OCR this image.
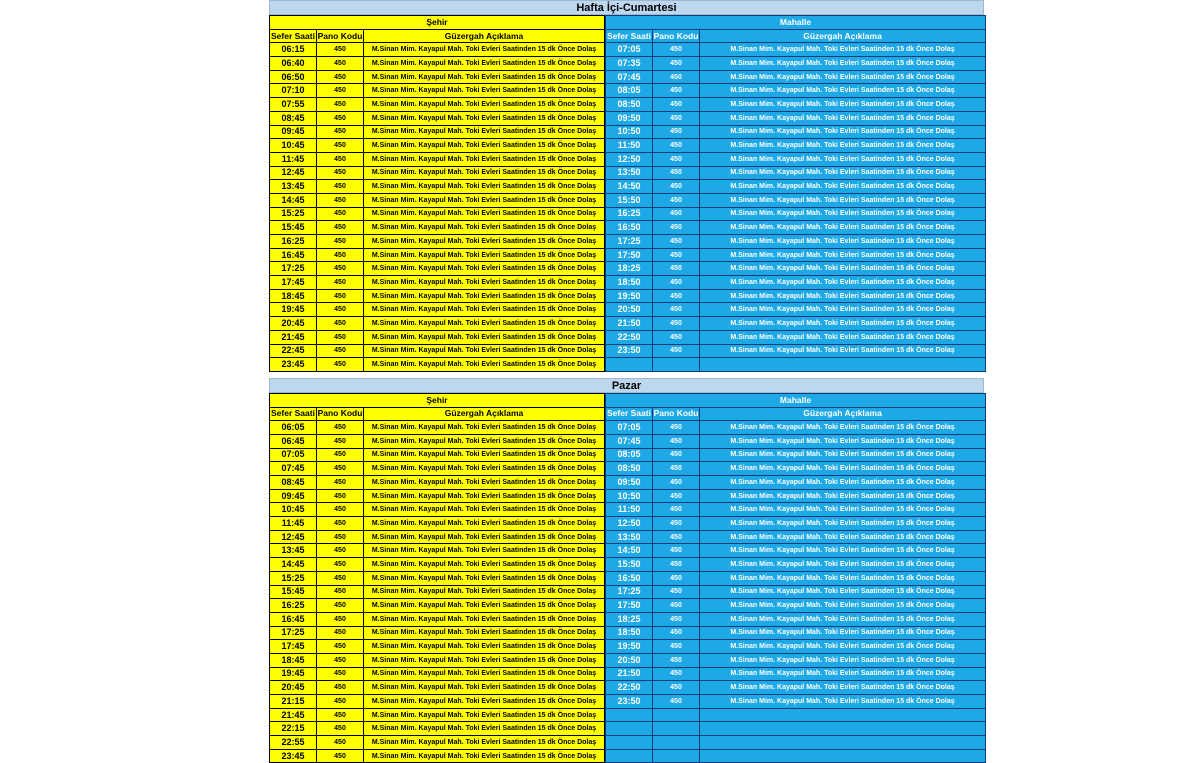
Hafta İçi-Cumartesi
Şehir		
Sefer Saati	Pano Kodu	Güzergah Açıklama
06:15	450	M.Sinan Mim. Kayapul Mah. Toki Evleri Saatinden 15 dk Önce Dolaş
06:40	450	M.Sinan Mim. Kayapul Mah. Toki Evleri Saatinden 15 dk Önce Dolaş
06:50	450	M.Sinan Mim. Kayapul Mah. Toki Evleri Saatinden 15 dk Önce Dolaş
07:10	450	M.Sinan Mim. Kayapul Mah. Toki Evleri Saatinden 15 dk Önce Dolaş
07:55	450	M.Sinan Mim. Kayapul Mah. Toki Evleri Saatinden 15 dk Önce Dolaş
08:45	450	M.Sinan Mim. Kayapul Mah. Toki Evleri Saatinden 15 dk Önce Dolaş
09:45	450	M.Sinan Mim. Kayapul Mah. Toki Evleri Saatinden 15 dk Önce Dolaş
10:45	450	M.Sinan Mim. Kayapul Mah. Toki Evleri Saatinden 15 dk Önce Dolaş
11:45	450	M.Sinan Mim. Kayapul Mah. Toki Evleri Saatinden 15 dk Önce Dolaş
12:45	450	M.Sinan Mim. Kayapul Mah. Toki Evleri Saatinden 15 dk Önce Dolaş
13:45	450	M.Sinan Mim. Kayapul Mah. Toki Evleri Saatinden 15 dk Önce Dolaş
14:45	450	M.Sinan Mim. Kayapul Mah. Toki Evleri Saatinden 15 dk Önce Dolaş
15:25	450	M.Sinan Mim. Kayapul Mah. Toki Evleri Saatinden 15 dk Önce Dolaş
15:45	450	M.Sinan Mim. Kayapul Mah. Toki Evleri Saatinden 15 dk Önce Dolaş
16:25	450	M.Sinan Mim. Kayapul Mah. Toki Evleri Saatinden 15 dk Önce Dolaş
16:45	450	M.Sinan Mim. Kayapul Mah. Toki Evleri Saatinden 15 dk Önce Dolaş
17:25	450	M.Sinan Mim. Kayapul Mah. Toki Evleri Saatinden 15 dk Önce Dolaş
17:45	450	M.Sinan Mim. Kayapul Mah. Toki Evleri Saatinden 15 dk Önce Dolaş
18:45	450	M.Sinan Mim. Kayapul Mah. Toki Evleri Saatinden 15 dk Önce Dolaş
19:45	450	M.Sinan Mim. Kayapul Mah. Toki Evleri Saatinden 15 dk Önce Dolaş
20:45	450	M.Sinan Mim. Kayapul Mah. Toki Evleri Saatinden 15 dk Önce Dolaş
21:45	450	M.Sinan Mim. Kayapul Mah. Toki Evleri Saatinden 15 dk Önce Dolaş
22:45	450	M.Sinan Mim. Kayapul Mah. Toki Evleri Saatinden 15 dk Önce Dolaş
23:45	450	M.Sinan Mim. Kayapul Mah. Toki Evleri Saatinden 15 dk Önce Dolaş
Mahalle		
Sefer Saati	Pano Kodu	Güzergah Açıklama
07:05	450	M.Sinan Mim. Kayapul Mah. Toki Evleri Saatinden 15 dk Önce Dolaş
07:35	450	M.Sinan Mim. Kayapul Mah. Toki Evleri Saatinden 15 dk Önce Dolaş
07:45	450	M.Sinan Mim. Kayapul Mah. Toki Evleri Saatinden 15 dk Önce Dolaş
08:05	450	M.Sinan Mim. Kayapul Mah. Toki Evleri Saatinden 15 dk Önce Dolaş
08:50	450	M.Sinan Mim. Kayapul Mah. Toki Evleri Saatinden 15 dk Önce Dolaş
09:50	450	M.Sinan Mim. Kayapul Mah. Toki Evleri Saatinden 15 dk Önce Dolaş
10:50	450	M.Sinan Mim. Kayapul Mah. Toki Evleri Saatinden 15 dk Önce Dolaş
11:50	450	M.Sinan Mim. Kayapul Mah. Toki Evleri Saatinden 15 dk Önce Dolaş
12:50	450	M.Sinan Mim. Kayapul Mah. Toki Evleri Saatinden 15 dk Önce Dolaş
13:50	450	M.Sinan Mim. Kayapul Mah. Toki Evleri Saatinden 15 dk Önce Dolaş
14:50	450	M.Sinan Mim. Kayapul Mah. Toki Evleri Saatinden 15 dk Önce Dolaş
15:50	450	M.Sinan Mim. Kayapul Mah. Toki Evleri Saatinden 15 dk Önce Dolaş
16:25	450	M.Sinan Mim. Kayapul Mah. Toki Evleri Saatinden 15 dk Önce Dolaş
16:50	450	M.Sinan Mim. Kayapul Mah. Toki Evleri Saatinden 15 dk Önce Dolaş
17:25	450	M.Sinan Mim. Kayapul Mah. Toki Evleri Saatinden 15 dk Önce Dolaş
17:50	450	M.Sinan Mim. Kayapul Mah. Toki Evleri Saatinden 15 dk Önce Dolaş
18:25	450	M.Sinan Mim. Kayapul Mah. Toki Evleri Saatinden 15 dk Önce Dolaş
18:50	450	M.Sinan Mim. Kayapul Mah. Toki Evleri Saatinden 15 dk Önce Dolaş
19:50	450	M.Sinan Mim. Kayapul Mah. Toki Evleri Saatinden 15 dk Önce Dolaş
20:50	450	M.Sinan Mim. Kayapul Mah. Toki Evleri Saatinden 15 dk Önce Dolaş
21:50	450	M.Sinan Mim. Kayapul Mah. Toki Evleri Saatinden 15 dk Önce Dolaş
22:50	450	M.Sinan Mim. Kayapul Mah. Toki Evleri Saatinden 15 dk Önce Dolaş
23:50	450	M.Sinan Mim. Kayapul Mah. Toki Evleri Saatinden 15 dk Önce Dolaş

Pazar
Şehir		
Sefer Saati	Pano Kodu	Güzergah Açıklama
06:05	450	M.Sinan Mim. Kayapul Mah. Toki Evleri Saatinden 15 dk Önce Dolaş
06:45	450	M.Sinan Mim. Kayapul Mah. Toki Evleri Saatinden 15 dk Önce Dolaş
07:05	450	M.Sinan Mim. Kayapul Mah. Toki Evleri Saatinden 15 dk Önce Dolaş
07:45	450	M.Sinan Mim. Kayapul Mah. Toki Evleri Saatinden 15 dk Önce Dolaş
08:45	450	M.Sinan Mim. Kayapul Mah. Toki Evleri Saatinden 15 dk Önce Dolaş
09:45	450	M.Sinan Mim. Kayapul Mah. Toki Evleri Saatinden 15 dk Önce Dolaş
10:45	450	M.Sinan Mim. Kayapul Mah. Toki Evleri Saatinden 15 dk Önce Dolaş
11:45	450	M.Sinan Mim. Kayapul Mah. Toki Evleri Saatinden 15 dk Önce Dolaş
12:45	450	M.Sinan Mim. Kayapul Mah. Toki Evleri Saatinden 15 dk Önce Dolaş
13:45	450	M.Sinan Mim. Kayapul Mah. Toki Evleri Saatinden 15 dk Önce Dolaş
14:45	450	M.Sinan Mim. Kayapul Mah. Toki Evleri Saatinden 15 dk Önce Dolaş
15:25	450	M.Sinan Mim. Kayapul Mah. Toki Evleri Saatinden 15 dk Önce Dolaş
15:45	450	M.Sinan Mim. Kayapul Mah. Toki Evleri Saatinden 15 dk Önce Dolaş
16:25	450	M.Sinan Mim. Kayapul Mah. Toki Evleri Saatinden 15 dk Önce Dolaş
16:45	450	M.Sinan Mim. Kayapul Mah. Toki Evleri Saatinden 15 dk Önce Dolaş
17:25	450	M.Sinan Mim. Kayapul Mah. Toki Evleri Saatinden 15 dk Önce Dolaş
17:45	450	M.Sinan Mim. Kayapul Mah. Toki Evleri Saatinden 15 dk Önce Dolaş
18:45	450	M.Sinan Mim. Kayapul Mah. Toki Evleri Saatinden 15 dk Önce Dolaş
19:45	450	M.Sinan Mim. Kayapul Mah. Toki Evleri Saatinden 15 dk Önce Dolaş
20:45	450	M.Sinan Mim. Kayapul Mah. Toki Evleri Saatinden 15 dk Önce Dolaş
21:15	450	M.Sinan Mim. Kayapul Mah. Toki Evleri Saatinden 15 dk Önce Dolaş
21:45	450	M.Sinan Mim. Kayapul Mah. Toki Evleri Saatinden 15 dk Önce Dolaş
22:15	450	M.Sinan Mim. Kayapul Mah. Toki Evleri Saatinden 15 dk Önce Dolaş
22:55	450	M.Sinan Mim. Kayapul Mah. Toki Evleri Saatinden 15 dk Önce Dolaş
23:45	450	M.Sinan Mim. Kayapul Mah. Toki Evleri Saatinden 15 dk Önce Dolaş
Mahalle		
Sefer Saati	Pano Kodu	Güzergah Açıklama
07:05	450	M.Sinan Mim. Kayapul Mah. Toki Evleri Saatinden 15 dk Önce Dolaş
07:45	450	M.Sinan Mim. Kayapul Mah. Toki Evleri Saatinden 15 dk Önce Dolaş
08:05	450	M.Sinan Mim. Kayapul Mah. Toki Evleri Saatinden 15 dk Önce Dolaş
08:50	450	M.Sinan Mim. Kayapul Mah. Toki Evleri Saatinden 15 dk Önce Dolaş
09:50	450	M.Sinan Mim. Kayapul Mah. Toki Evleri Saatinden 15 dk Önce Dolaş
10:50	450	M.Sinan Mim. Kayapul Mah. Toki Evleri Saatinden 15 dk Önce Dolaş
11:50	450	M.Sinan Mim. Kayapul Mah. Toki Evleri Saatinden 15 dk Önce Dolaş
12:50	450	M.Sinan Mim. Kayapul Mah. Toki Evleri Saatinden 15 dk Önce Dolaş
13:50	450	M.Sinan Mim. Kayapul Mah. Toki Evleri Saatinden 15 dk Önce Dolaş
14:50	450	M.Sinan Mim. Kayapul Mah. Toki Evleri Saatinden 15 dk Önce Dolaş
15:50	450	M.Sinan Mim. Kayapul Mah. Toki Evleri Saatinden 15 dk Önce Dolaş
16:50	450	M.Sinan Mim. Kayapul Mah. Toki Evleri Saatinden 15 dk Önce Dolaş
17:25	450	M.Sinan Mim. Kayapul Mah. Toki Evleri Saatinden 15 dk Önce Dolaş
17:50	450	M.Sinan Mim. Kayapul Mah. Toki Evleri Saatinden 15 dk Önce Dolaş
18:25	450	M.Sinan Mim. Kayapul Mah. Toki Evleri Saatinden 15 dk Önce Dolaş
18:50	450	M.Sinan Mim. Kayapul Mah. Toki Evleri Saatinden 15 dk Önce Dolaş
19:50	450	M.Sinan Mim. Kayapul Mah. Toki Evleri Saatinden 15 dk Önce Dolaş
20:50	450	M.Sinan Mim. Kayapul Mah. Toki Evleri Saatinden 15 dk Önce Dolaş
21:50	450	M.Sinan Mim. Kayapul Mah. Toki Evleri Saatinden 15 dk Önce Dolaş
22:50	450	M.Sinan Mim. Kayapul Mah. Toki Evleri Saatinden 15 dk Önce Dolaş
23:50	450	M.Sinan Mim. Kayapul Mah. Toki Evleri Saatinden 15 dk Önce Dolaş
